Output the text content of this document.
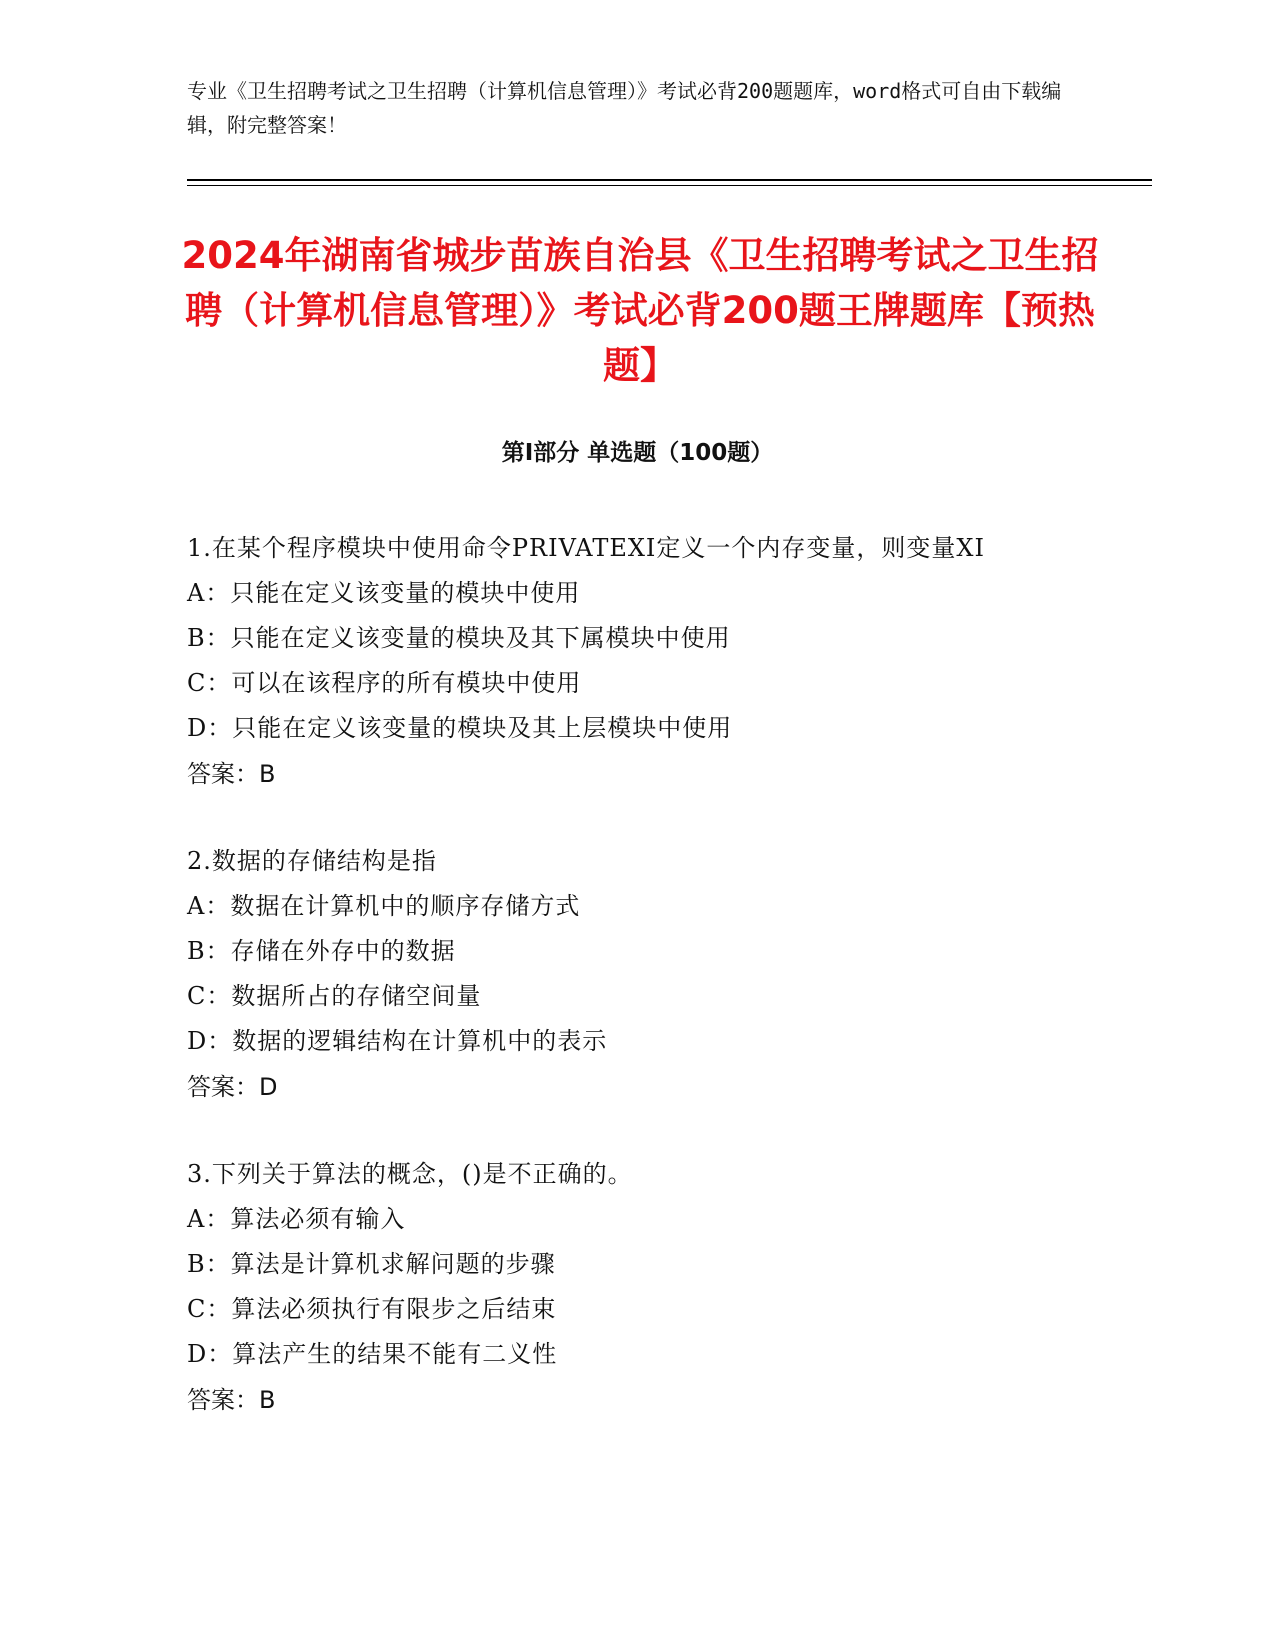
专业《卫生招聘考试之卫生招聘（计算机信息管理）》考试必背200题题库，word格式可自由下载编辑，附完整答案！
2024年湖南省城步苗族自治县《卫生招聘考试之卫生招聘（计算机信息管理）》考试必背200题王牌题库【预热题】
第Ⅰ部分 单选题（100题）
1.在某个程序模块中使用命令PRIVATEXI定义一个内存变量，则变量XI
A：只能在定义该变量的模块中使用
B：只能在定义该变量的模块及其下属模块中使用
C：可以在该程序的所有模块中使用
D：只能在定义该变量的模块及其上层模块中使用
答案：B
2.数据的存储结构是指
A：数据在计算机中的顺序存储方式
B：存储在外存中的数据
C：数据所占的存储空间量
D：数据的逻辑结构在计算机中的表示
答案：D
3.下列关于算法的概念，()是不正确的。
A：算法必须有输入
B：算法是计算机求解问题的步骤
C：算法必须执行有限步之后结束
D：算法产生的结果不能有二义性
答案：B
